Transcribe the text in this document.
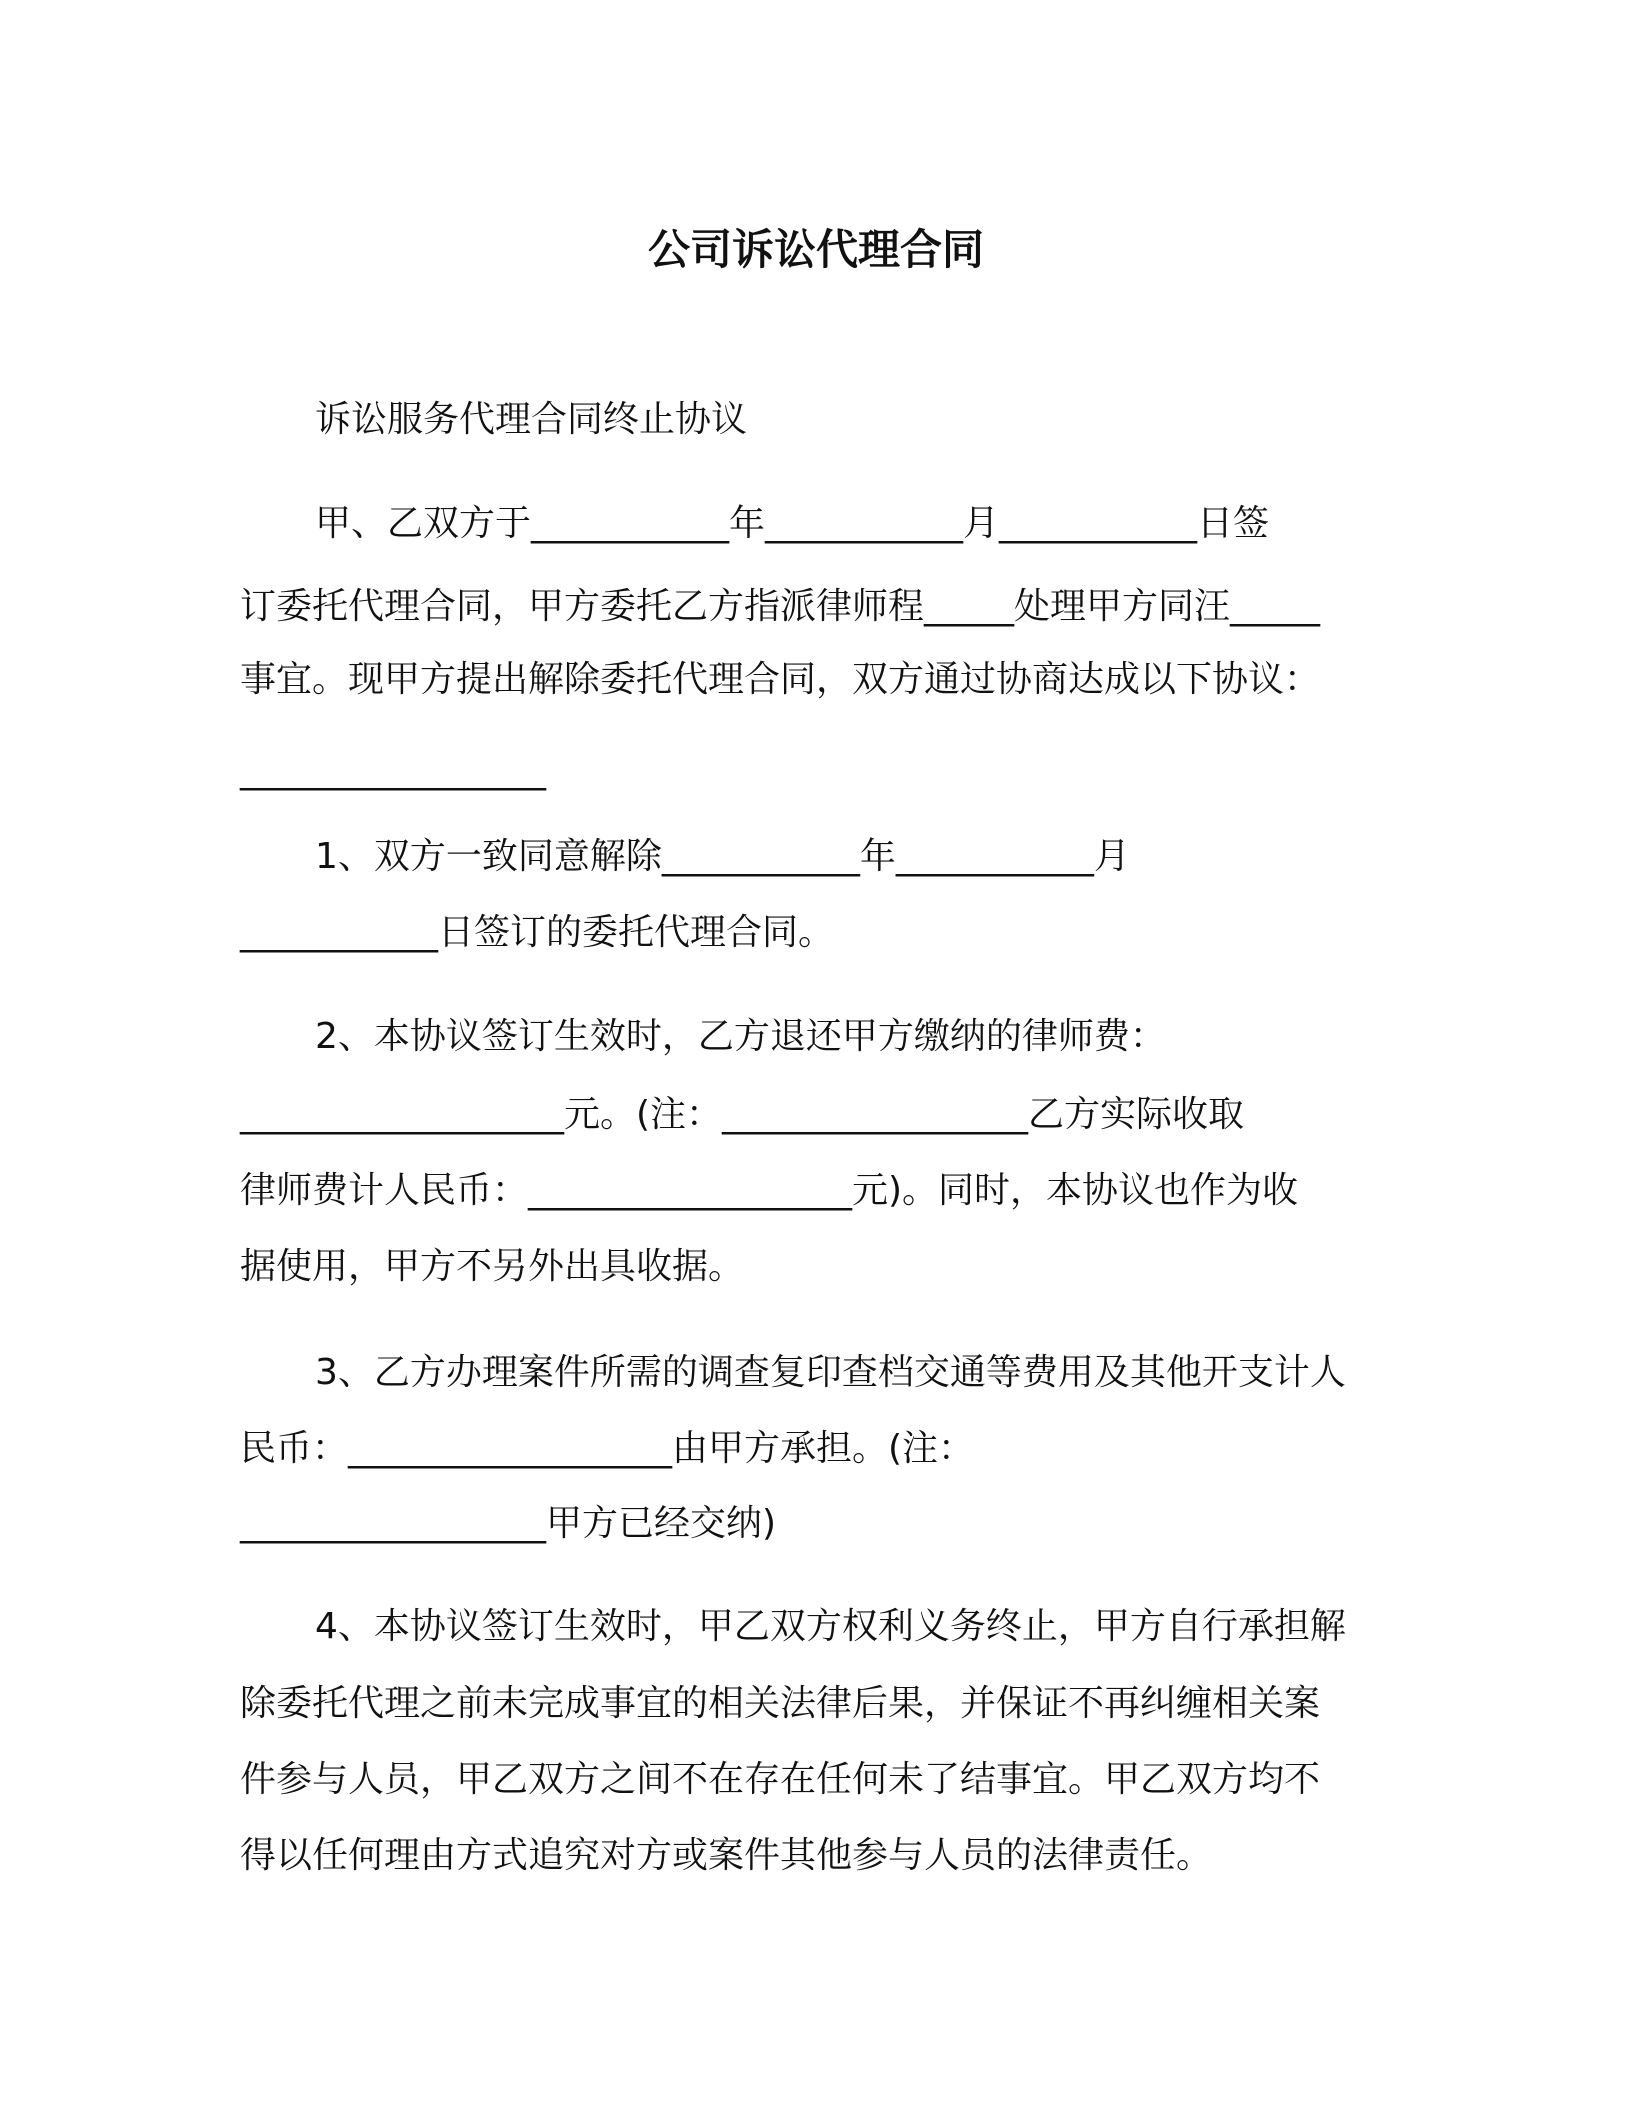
公司诉讼代理合同
诉讼服务代理合同终止协议
甲、乙双方于___________年___________月___________日签
订委托代理合同，甲方委托乙方指派律师程_____处理甲方同汪_____
事宜。现甲方提出解除委托代理合同，双方通过协商达成以下协议：
_________________
1、双方一致同意解除___________年___________月
___________日签订的委托代理合同。
2、本协议签订生效时，乙方退还甲方缴纳的律师费：
__________________元。(注：_________________乙方实际收取
律师费计人民币：__________________元)。同时，本协议也作为收
据使用，甲方不另外出具收据。
3、乙方办理案件所需的调查复印查档交通等费用及其他开支计人
民币：__________________由甲方承担。(注：
_________________甲方已经交纳)
4、本协议签订生效时，甲乙双方权利义务终止，甲方自行承担解
除委托代理之前未完成事宜的相关法律后果，并保证不再纠缠相关案
件参与人员，甲乙双方之间不在存在任何未了结事宜。甲乙双方均不
得以任何理由方式追究对方或案件其他参与人员的法律责任。
